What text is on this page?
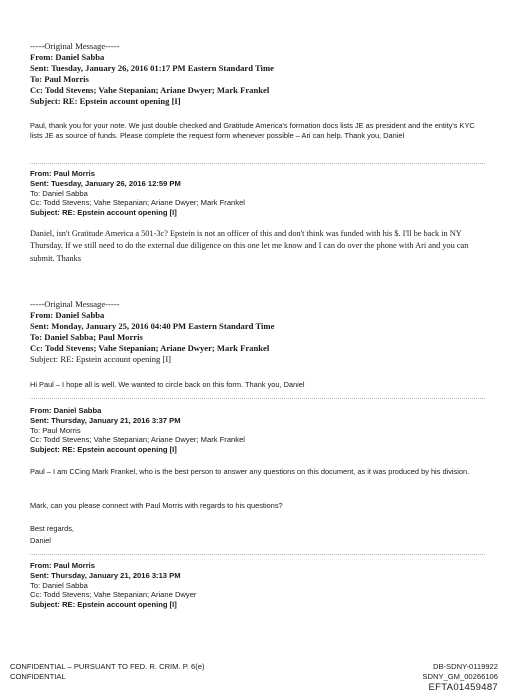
-----Original Message-----
From: Daniel Sabba
Sent: Tuesday, January 26, 2016 01:17 PM Eastern Standard Time
To: Paul Morris
Cc: Todd Stevens; Vahe Stepanian; Ariane Dwyer; Mark Frankel
Subject: RE: Epstein account opening [I]
Paul, thank you for your note. We just double checked and Gratitude America's formation docs lists JE as president and the entity's KYC lists JE as source of funds. Please complete the request form whenever possible – Ari can help. Thank you, Daniel
From: Paul Morris
Sent: Tuesday, January 26, 2016 12:59 PM
To: Daniel Sabba
Cc: Todd Stevens; Vahe Stepanian; Ariane Dwyer; Mark Frankel
Subject: RE: Epstein account opening [I]
Daniel, isn't Gratitude America a 501-3c? Epstein is not an officer of this and don't think was funded with his $. I'll be back in NY Thursday. If we still need to do the external due diligence on this one let me know and I can do over the phone with Ari and you can submit. Thanks
-----Original Message-----
From: Daniel Sabba
Sent: Monday, January 25, 2016 04:40 PM Eastern Standard Time
To: Daniel Sabba; Paul Morris
Cc: Todd Stevens; Vahe Stepanian; Ariane Dwyer; Mark Frankel
Subject: RE: Epstein account opening [I]
Hi Paul – I hope all is well. We wanted to circle back on this form. Thank you, Daniel
From: Daniel Sabba
Sent: Thursday, January 21, 2016 3:37 PM
To: Paul Morris
Cc: Todd Stevens; Vahe Stepanian; Ariane Dwyer; Mark Frankel
Subject: RE: Epstein account opening [I]
Paul – I am CCing Mark Frankel, who is the best person to answer any questions on this document, as it was produced by his division.
Mark, can you please connect with Paul Morris with regards to his questions?
Best regards,
Daniel
From: Paul Morris
Sent: Thursday, January 21, 2016 3:13 PM
To: Daniel Sabba
Cc: Todd Stevens; Vahe Stepanian; Ariane Dwyer
Subject: RE: Epstein account opening [I]
CONFIDENTIAL – PURSUANT TO FED. R. CRIM. P. 6(e)
CONFIDENTIAL
DB-SDNY-0119922
SDNY_GM_00266106
EFTA01459487
